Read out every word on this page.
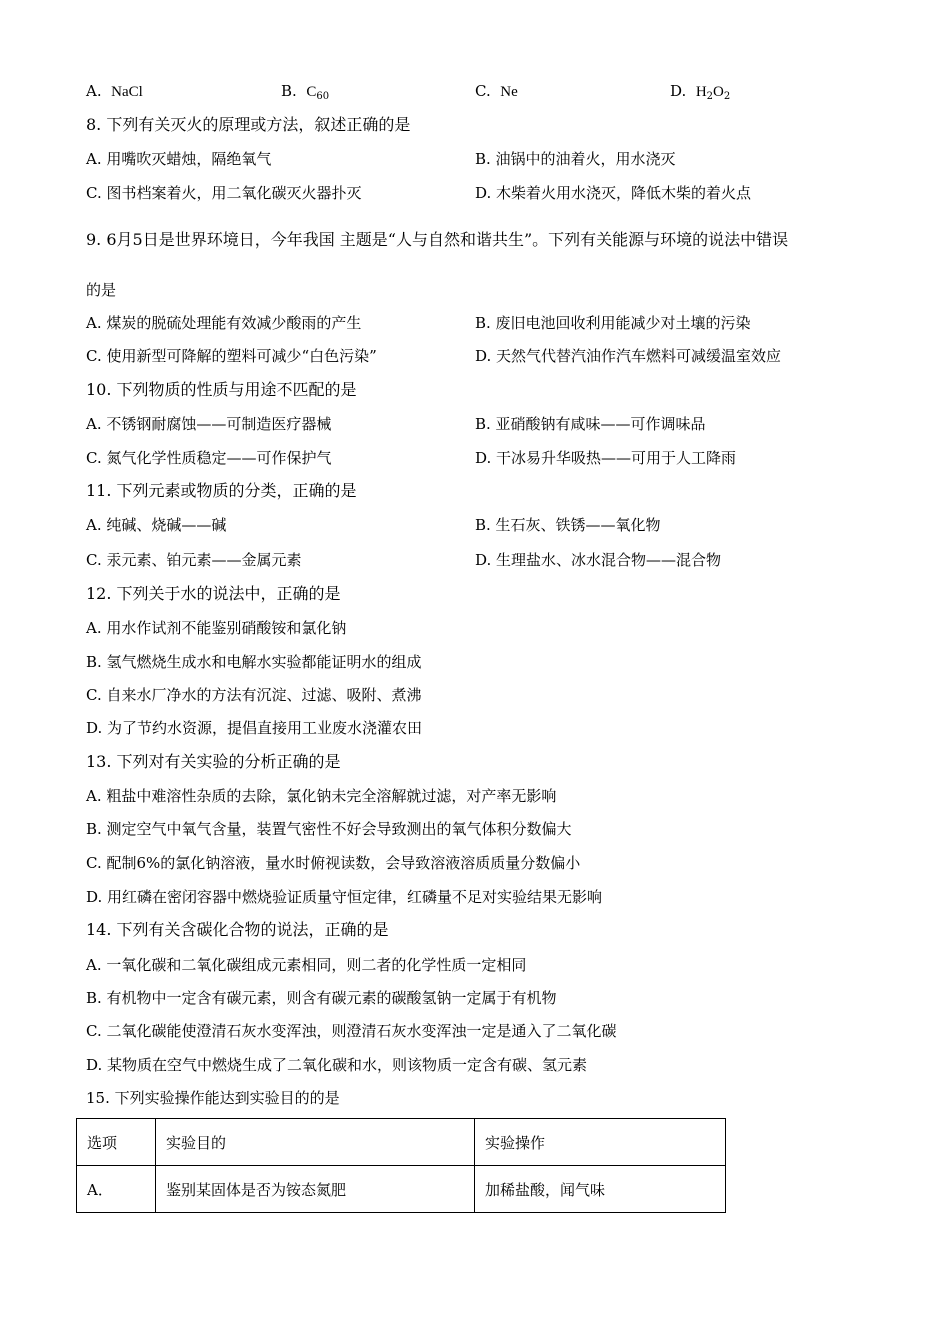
A. NaCl	B. $C_{60}$	C. Ne	D. $H_2O_2$
8. 下列有关灭火的原理或方法，叙述正确的是
A. 用嘴吹灭蜡烛，隔绝氧气	B. 油锅中的油着火，用水浇灭
C. 图书档案着火，用二氧化碳灭火器扑灭	D. 木柴着火用水浇灭，降低木柴的着火点
9. 6月5日是世界环境日，今年我国 主题是“人与自然和谐共生”。下列有关能源与环境的说法中错误
的是
A. 煤炭的脱硫处理能有效减少酸雨的产生	B. 废旧电池回收利用能减少对土壤的污染
C. 使用新型可降解的塑料可减少“白色污染”	D. 天然气代替汽油作汽车燃料可减缓温室效应
10. 下列物质的性质与用途不匹配的是
A. 不锈钢耐腐蚀——可制造医疗器械	B. 亚硝酸钠有咸味——可作调味品
C. 氮气化学性质稳定——可作保护气	D. 干冰易升华吸热——可用于人工降雨
11. 下列元素或物质的分类，正确的是
A. 纯碱、烧碱——碱	B. 生石灰、铁锈——氧化物
C. 汞元素、铂元素——金属元素	D. 生理盐水、冰水混合物——混合物
12. 下列关于水的说法中，正确的是
A. 用水作试剂不能鉴别硝酸铵和氯化钠
B. 氢气燃烧生成水和电解水实验都能证明水的组成
C. 自来水厂净水的方法有沉淀、过滤、吸附、煮沸
D. 为了节约水资源，提倡直接用工业废水浇灌农田
13. 下列对有关实验的分析正确的是
A. 粗盐中难溶性杂质的去除，氯化钠未完全溶解就过滤，对产率无影响
B. 测定空气中氧气含量，装置气密性不好会导致测出的氧气体积分数偏大
C. 配制6%的氯化钠溶液，量水时俯视读数，会导致溶液溶质质量分数偏小
D. 用红磷在密闭容器中燃烧验证质量守恒定律，红磷量不足对实验结果无影响
14. 下列有关含碳化合物的说法，正确的是
A. 一氧化碳和二氧化碳组成元素相同，则二者的化学性质一定相同
B. 有机物中一定含有碳元素，则含有碳元素的碳酸氢钠一定属于有机物
C. 二氧化碳能使澄清石灰水变浑浊，则澄清石灰水变浑浊一定是通入了二氧化碳
D. 某物质在空气中燃烧生成了二氧化碳和水，则该物质一定含有碳、氢元素
15. 下列实验操作能达到实验目的的是
选项	实验目的	实验操作
A．	鉴别某固体是否为铵态氮肥	加稀盐酸，闻气味
